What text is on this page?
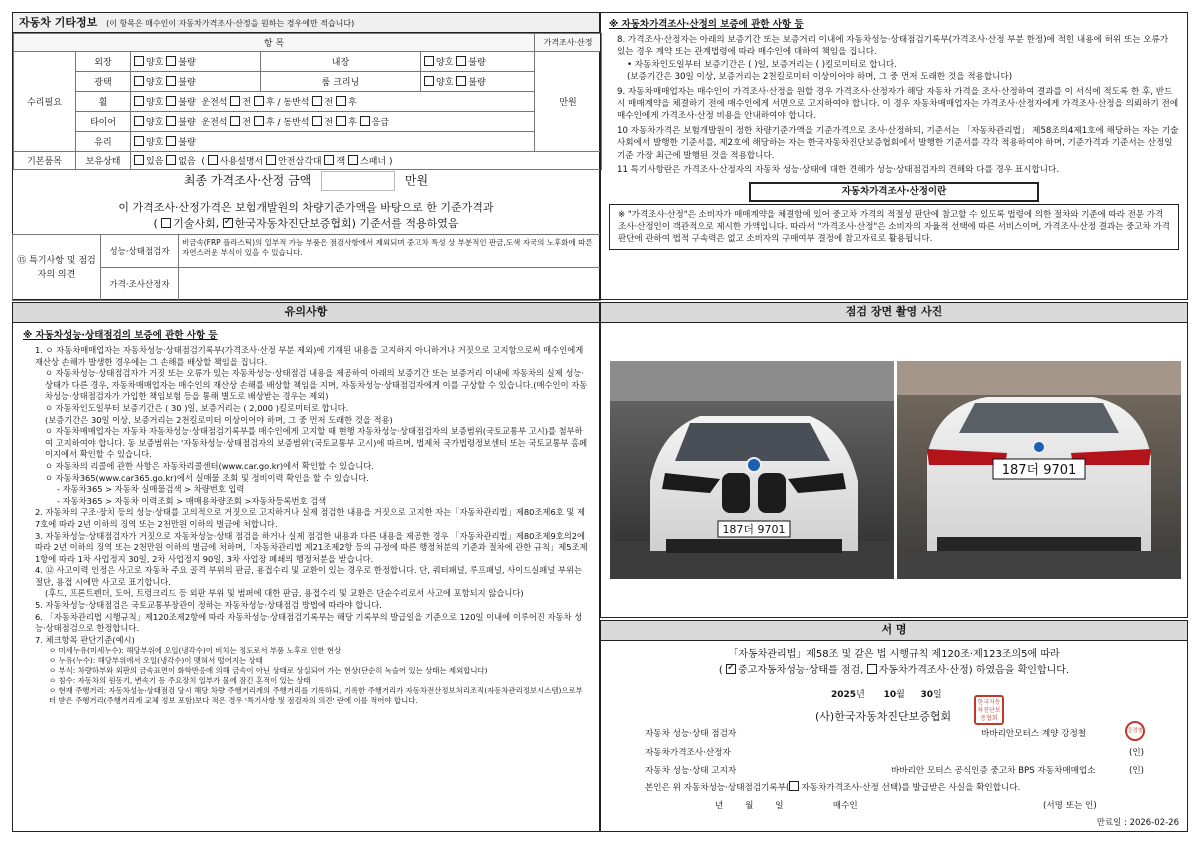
자동차 기타정보 (이 항목은 매수인이 자동차가격조사·산정을 원하는 경우에만 적습니다)
항 목					가격조사·산정
수리필요	외장	양호 불량	내장	양호 불량	만원
	광택	양호 불량	룸 크리닝	양호 불량	
	휠	양호 불량 운전석 전 후 / 동반석 전 후			
	타이어	양호 불량 운전석 전 후 / 동반석 전 후 응급			
	유리	양호 불량			
기본품목	보유상태	있음 없음  ( 사용설명서 안전삼각대 잭 스패너 )			
최종 가격조사·산정 금액	만원
이 가격조사·산정가격은 보험개발원의 차량기준가액을 바탕으로 한 기준가격과
( 기술사회, ✓ 한국자동차진단보증협회) 기준서를 적용하였음
⑮ 특기사항 및 점검자의 의견	성능·상태점검자	비금속(FRP 플라스틱)의 일부적 가능 부품은 점검사항에서 제외되며 중고차 특성 상 부분적인 판금,도색 자국의 노후화에 따른 자연스러운 부식이 있을 수 있습니다.
	가격·조사산정자	
※ 자동차가격조사·산정의 보증에 관한 사항 등
8. 가격조사·산정자는 아래의 보증기간 또는 보증거리 이내에 자동차성능·상태점검기록부(가격조사·산정 부분 한정)에 적힌 내용에 허위 또는 오류가 있는 경우 계약 또는 관계법령에 따라 매수인에 대하여 책임을 집니다.
• 자동차인도일부터 보증기간은 ( )일, 보증거리는 ( )킬로미터로 합니다.
(보증기간은 30일 이상, 보증거리는 2천킬로미터 이상이어야 하며, 그 중 먼저 도래한 것을 적용합니다)
9. 자동차매매업자는 매수인이 가격조사·산정을 원할 경우 가격조사·산정자가 해당 자동차 가격을 조사·산정하여 결과를 이 서식에 적도록 한 후, 반드시 매매계약을 체결하기 전에 매수인에게 서면으로 고지하여야 합니다. 이 경우 자동차매매업자는 가격조사·산정자에게 가격조사·산정을 의뢰하기 전에 매수인에게 가격조사·산정 비용을 안내하여야 합니다.
10 자동차가격은 보험개발원이 정한 차량기준가액을 기준가격으로 조사·산정하되, 기준서는 「자동차관리법」 제58조의4제1호에 해당하는 자는 기술사회에서 발행한 기준서를, 제2호에 해당하는 자는 한국자동차진단보증협회에서 발행한 기준서를 각각 적용하여야 하며, 기준가격과 기준서는 산정일 기준 가장 최근에 발행된 것을 적용합니다.
11 특기사항란은 가격조사·산정자의 자동차 성능·상태에 대한 견해가 성능·상태점검자의 견해와 다를 경우 표시합니다.
자동차가격조사·산정이란
※ "가격조사·산정"은 소비자가 매매계약을 체결함에 있어 중고차 가격의 적절성 판단에 참고할 수 있도록 법령에 의한 절차와 기준에 따라 전문 가격조사·산정인이 객관적으로 제시한 가액입니다. 따라서 "가격조사·산정"은 소비자의 자율적 선택에 따른 서비스이며, 가격조사·산정 결과는 중고차 가격판단에 관하여 법적 구속력은 없고 소비자의 구매여부 결정에 참고자료로 활용됩니다.
유의사항
※ 자동차성능·상태점검의 보증에 관한 사항 등
1. ㅇ 자동차매매업자는 자동차성능·상태점검기록부(가격조사·산정 부분 제외)에 기재된 내용을 고지하지 아니하거나 거짓으로 고지함으로써 매수인에게 재산상 손해가 발생한 경우에는 그 손해를 배상할 책임을 집니다.
ㅇ 자동차성능·상태점검자가 거짓 또는 오류가 있는 자동차성능·상태점검 내용을 제공하여 아래의 보증기간 또는 보증거리 이내에 자동차의 실제 성능·상태가 다른 경우, 자동차매매업자는 매수인의 재산상 손해를 배상할 책임을 지며, 자동차성능·상태점검자에게 이를 구상할 수 있습니다.(매수인이 자동차성능·상태점검자가 가입한 책임보험 등을 통해 별도로 배상받는 경우는 제외)
ㅇ 자동차인도일부터 보증기간은 ( 30 )일, 보증거리는 ( 2,000 )킬로미터로 합니다.
(보증기간은 30일 이상, 보증거리는 2천킬로미터 이상이어야 하며, 그 중 먼저 도래한 것을 적용)
ㅇ 자동차매매업자는 자동차 자동차성능·상태점검기록부를 매수인에게 고지할 때 현행 자동차성능·상태점검자의 보증범위(국토교통부 고시)를 첨부하여 고지하여야 합니다. 동 보증범위는 '자동차성능·상태점검자의 보증범위'(국토교통부 고시)에 따르며, 법제처 국가법령정보센터 또는 국토교통부 홈페이지에서 확인할 수 있습니다.
ㅇ 자동차의 리콜에 관한 사항은 자동차리콜센터(www.car.go.kr)에서 확인할 수 있습니다.
ㅇ 자동차365(www.car365.go.kr)에서 실매물 조회 및 정비이력 확인을 할 수 있습니다.
- 자동차365 > 자동차 실매물검색 > 차량번호 입력
- 자동차365 > 자동차 이력조회 > 매매용차량조회 >자동차등록번호 검색
2. 자동차의 구조·장치 등의 성능·상태를 고의적으로 거짓으로 고지하거나 실제 점검한 내용을 거짓으로 고지한 자는「자동차관리법」제80조제6호 및 제7호에 따라 2년 이하의 징역 또는 2천만원 이하의 벌금에 처합니다.
3. 자동차성능·상태점검자가 거짓으로 자동차성능·상태 점검을 하거나 실제 점검한 내용과 다른 내용을 제공한 경우 「자동차관리법」제80조제9호의2에 따라 2년 이하의 징역 또는 2천만원 이하의 벌금에 처하며,「자동차관리법 제21조제2항 등의 규정에 따른 행정처분의 기준과 절차에 관한 규칙」제5조제1항에 따라 1차 사업정지 30일, 2차 사업정지 90일, 3차 사업장 폐쇄의 행정처분을 받습니다.
4. ⑫ 사고이력 인정은 사고로 자동차 주요 골격 부위의 판금, 용접수리 및 교환이 있는 경우로 한정합니다. 단, 쿼터패널, 루프패널, 사이드실패널 부위는 절단, 용접 시에만 사고로 표기합니다.
(후드, 프론트펜더, 도어, 트렁크리드 등 외판 부위 및 범퍼에 대한 판금, 용접수리 및 교환은 단순수리로서 사고에 포함되지 않습니다)
5. 자동차성능·상태점검은 국토교통부장관이 정하는 자동차성능·상태점검 방법에 따라야 합니다.
6. 「자동차관리법 시행규칙」제120조제2항에 따라 자동차성능·상태점검기록부는 해당 기록부의 발급일을 기준으로 120일 이내에 이루어진 자동차 성능·상태점검으로 한정합니다.
7. 체크항목 판단기준(예시)
ㅇ 미세누유(미세누수): 해당부위에 오일(냉각수)이 비치는 정도로서 부품 노후로 인한 현상
ㅇ 누유(누수): 해당부위에서 오일(냉각수)이 맺혀서 떨어지는 상태
ㅇ 부식: 차량하부와 외판의 금속표면이 화학반응에 의해 금속이 아닌 상태로 상실되어 가는 현상(단순히 녹슬어 있는 상태는 제외합니다)
ㅇ 침수: 자동차의 원동기, 변속기 등 주요장치 일부가 물에 잠긴 흔적이 있는 상태
ㅇ 현재 주행거리: 자동차성능·상태점검 당시 해당 차량 주행거리계의 주행거리를 기록하되, 기록한 주행거리가 자동차전산정보처리조직(자동차관리정보시스템)으로부터 받은 주행거리(주행거리계 교체 정보 포함)보다 적은 경우 '특기사항 및 점검자의 의견' 란에 이를 적어야 합니다.
점검 장면 촬영 사진
187더 9701
187더 9701
서 명
「자동차관리법」제58조 및 같은 법 시행규칙 제120조·제123조의5에 따라
( ✓중고자동차성능·상태를 점검, 자동차가격조사·산정) 하였음을 확인합니다.
2025년 10월 30일
(사)한국자동차진단보증협회
한국자동차진단보증협회
자동차 성능·상태 점검자	바바리안모터스 계양 강정철	강정철
자동차가격조사·산정자	(인)
자동차 성능·상태 고지자	바바리안 모터스 공식인증 중고차 BPS 자동차매매업소	(인)
본인은 위 자동차성능·상태점검기록부( 자동차가격조사·산정 선택)를 발급받은 사실을 확인합니다.
년        월        일                  매수인	(서명 또는 인)
만료일 : 2026-02-26
